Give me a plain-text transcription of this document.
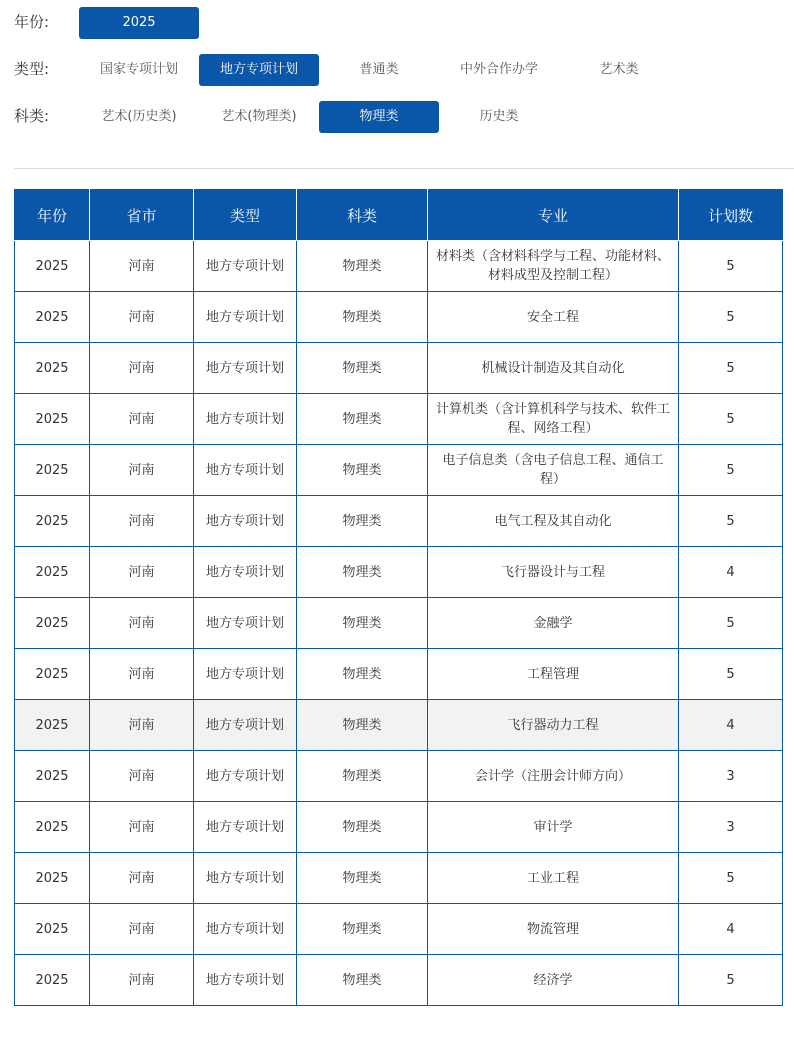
年份:	2025
类型:	国家专项计划	地方专项计划	普通类	中外合作办学	艺术类
科类:	艺术(历史类)	艺术(物理类)	物理类	历史类
年份	省市	类型	科类	专业	计划数
2025	河南	地方专项计划	物理类	材料类（含材料科学与工程、功能材料、材料成型及控制工程）	5
2025	河南	地方专项计划	物理类	安全工程	5
2025	河南	地方专项计划	物理类	机械设计制造及其自动化	5
2025	河南	地方专项计划	物理类	计算机类（含计算机科学与技术、软件工程、网络工程）	5
2025	河南	地方专项计划	物理类	电子信息类（含电子信息工程、通信工程）	5
2025	河南	地方专项计划	物理类	电气工程及其自动化	5
2025	河南	地方专项计划	物理类	飞行器设计与工程	4
2025	河南	地方专项计划	物理类	金融学	5
2025	河南	地方专项计划	物理类	工程管理	5
2025	河南	地方专项计划	物理类	飞行器动力工程	4
2025	河南	地方专项计划	物理类	会计学（注册会计师方向）	3
2025	河南	地方专项计划	物理类	审计学	3
2025	河南	地方专项计划	物理类	工业工程	5
2025	河南	地方专项计划	物理类	物流管理	4
2025	河南	地方专项计划	物理类	经济学	5
